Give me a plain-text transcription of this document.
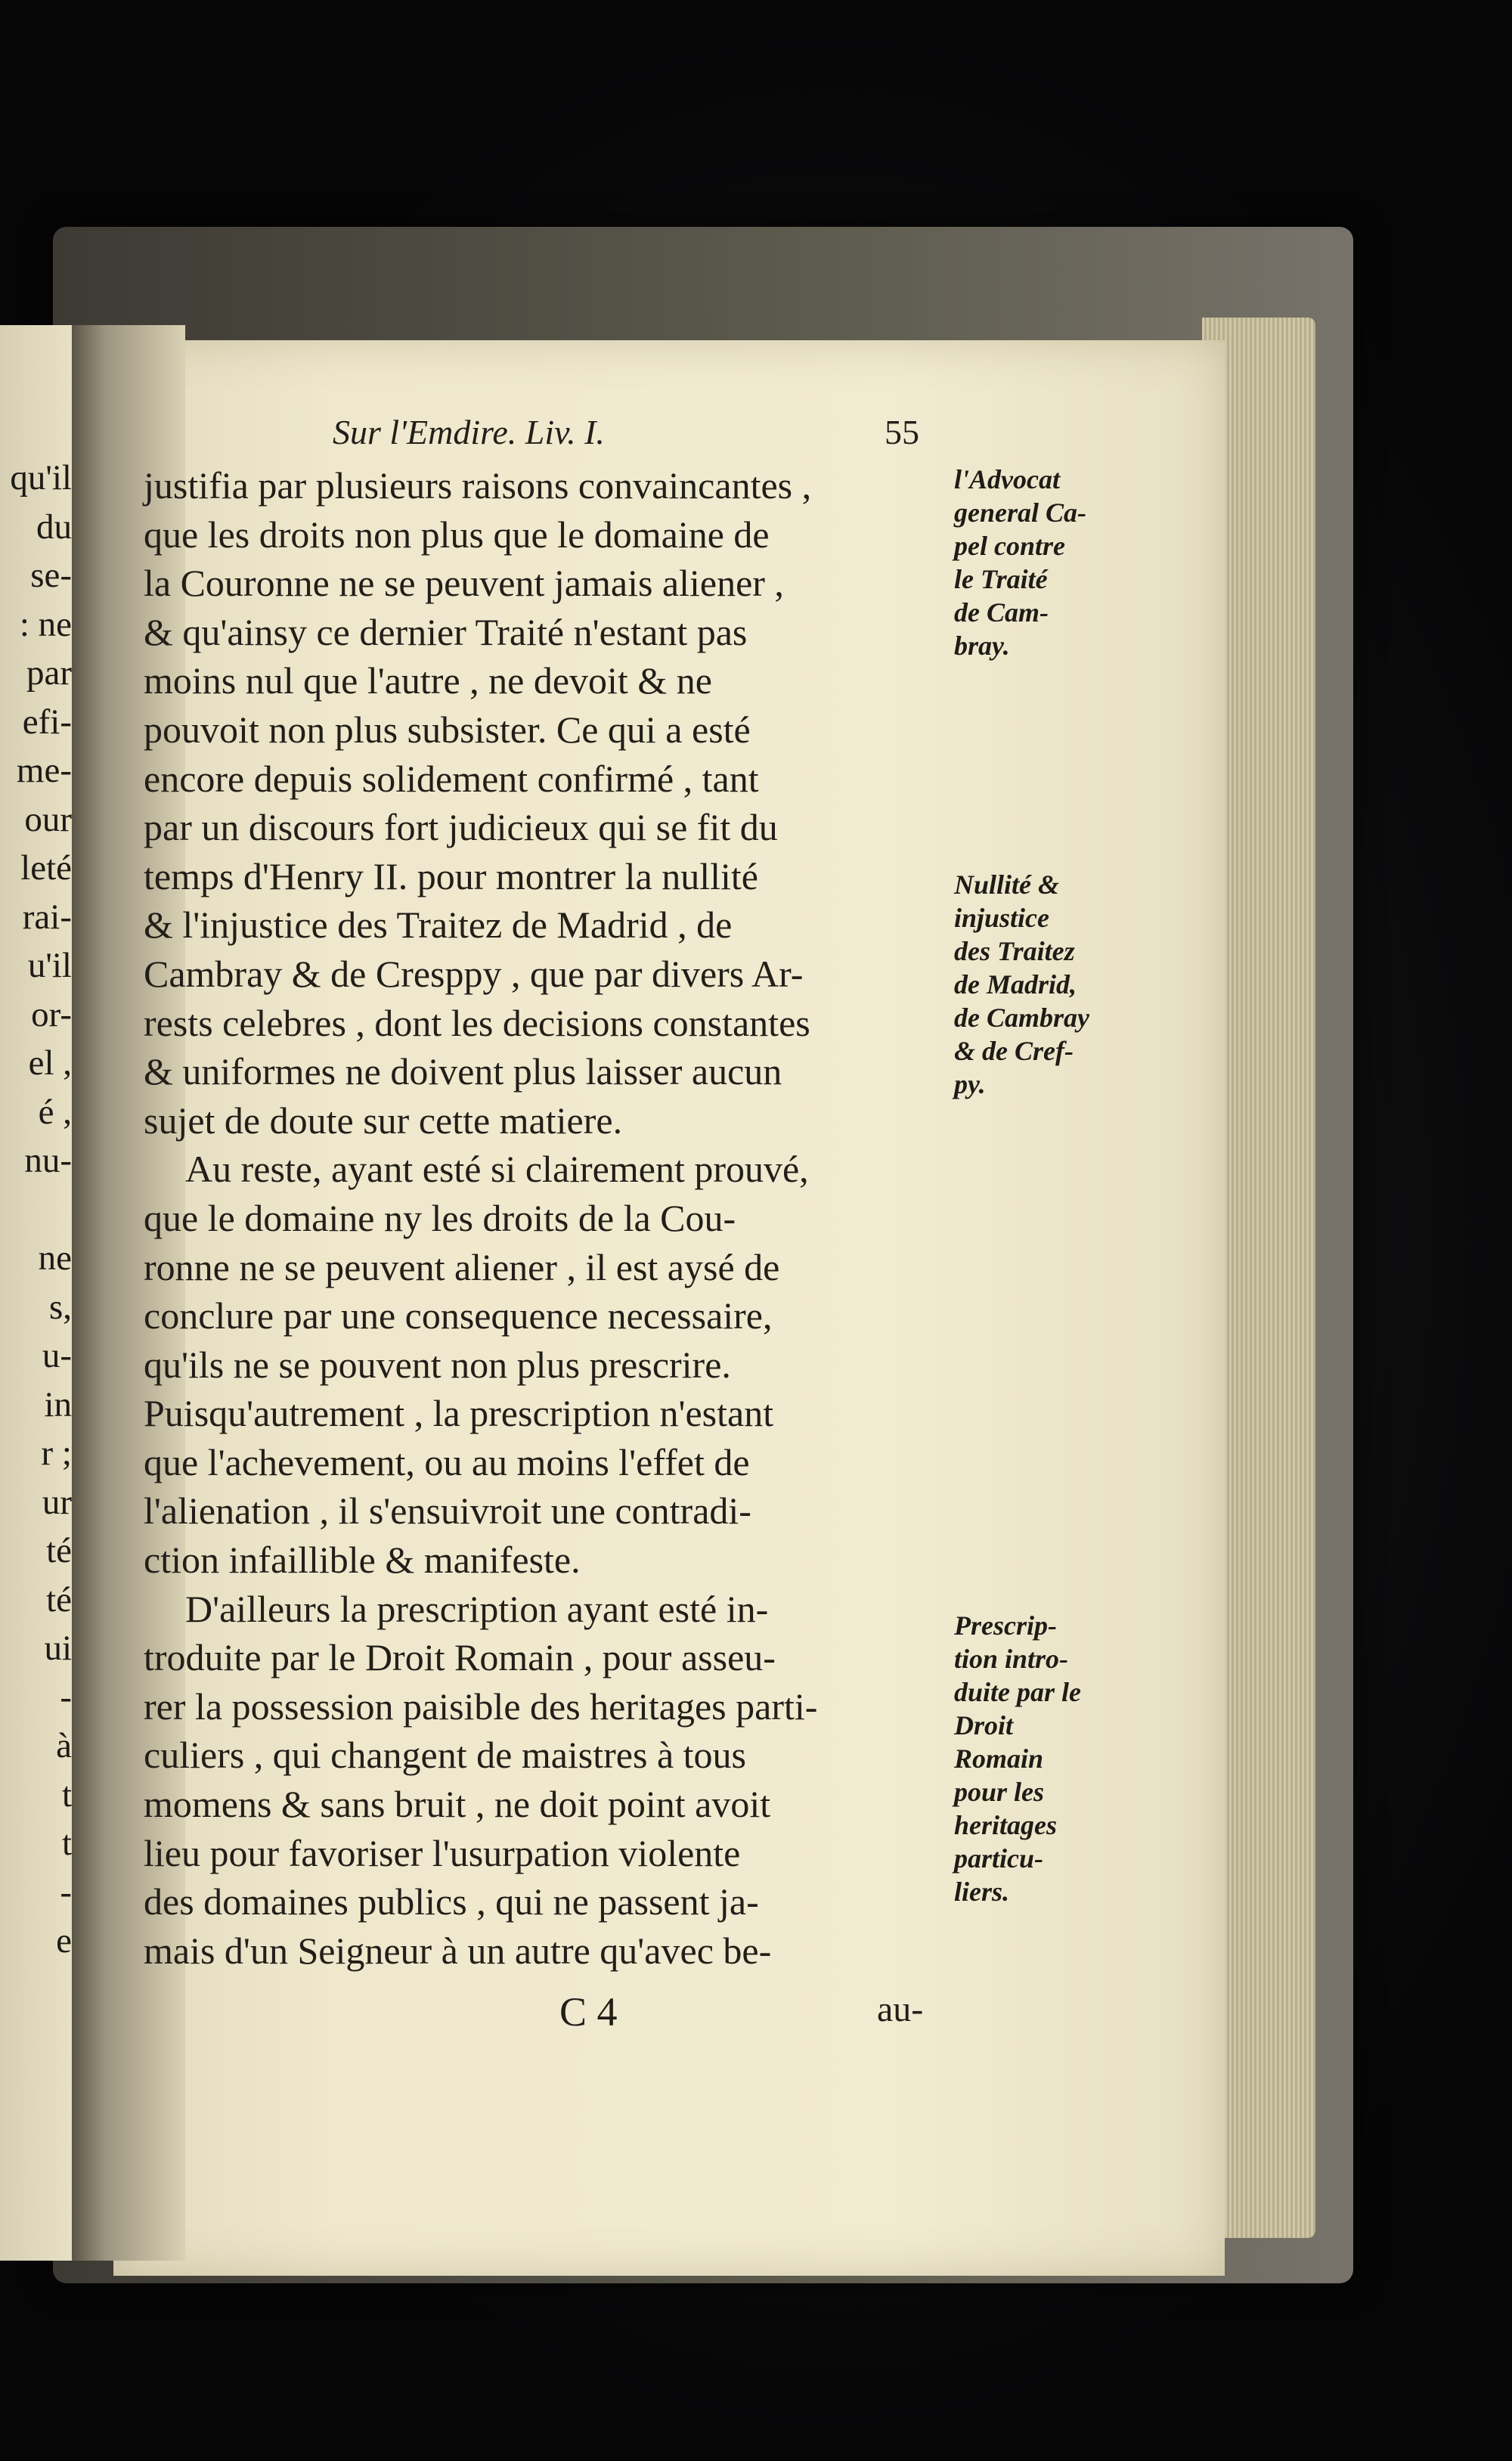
qu'il
du
se-
: ne
par
efi-
me-
our
leté
rai-
u'il
or-
el ,
é ,
nu-

ne
s,
u-
in
r ;
ur
té
té
ui
-
à
t
t
-
e
Sur l'Emdire. Liv. I.	55
justifia par plusieurs raisons convaincantes ,
que les droits non plus que le domaine de
la Couronne ne se peuvent jamais aliener ,
& qu'ainsy ce dernier Traité n'estant pas
moins nul que l'autre , ne devoit & ne
pouvoit non plus subsister. Ce qui a esté
encore depuis solidement confirmé , tant
par un discours fort judicieux qui se fit du
temps d'Henry II. pour montrer la nullité
& l'injustice des Traitez de Madrid , de
Cambray & de Cresppy , que par divers Ar-
rests celebres , dont les decisions constantes
& uniformes ne doivent plus laisser aucun
sujet de doute sur cette matiere.
Au reste, ayant esté si clairement prouvé,
que le domaine ny les droits de la Cou-
ronne ne se peuvent aliener , il est aysé de
conclure par une consequence necessaire,
qu'ils ne se pouvent non plus prescrire.
Puisqu'autrement , la prescription n'estant
que l'achevement, ou au moins l'effet de
l'alienation , il s'ensuivroit une contradi-
ction infaillible & manifeste.
D'ailleurs la prescription ayant esté in-
troduite par le Droit Romain , pour asseu-
rer la possession paisible des heritages parti-
culiers , qui changent de maistres à tous
momens & sans bruit , ne doit point avoit
lieu pour favoriser l'usurpation violente
des domaines publics , qui ne passent ja-
mais d'un Seigneur à un autre qu'avec be-
l'Advocat
general Ca-
pel contre
le Traité
de Cam-
bray.
Nullité &
injustice
des Traitez
de Madrid,
de Cambray
& de Cref-
py.
Prescrip-
tion intro-
duite par le
Droit
Romain
pour les
heritages
particu-
liers.
C 4	au-
